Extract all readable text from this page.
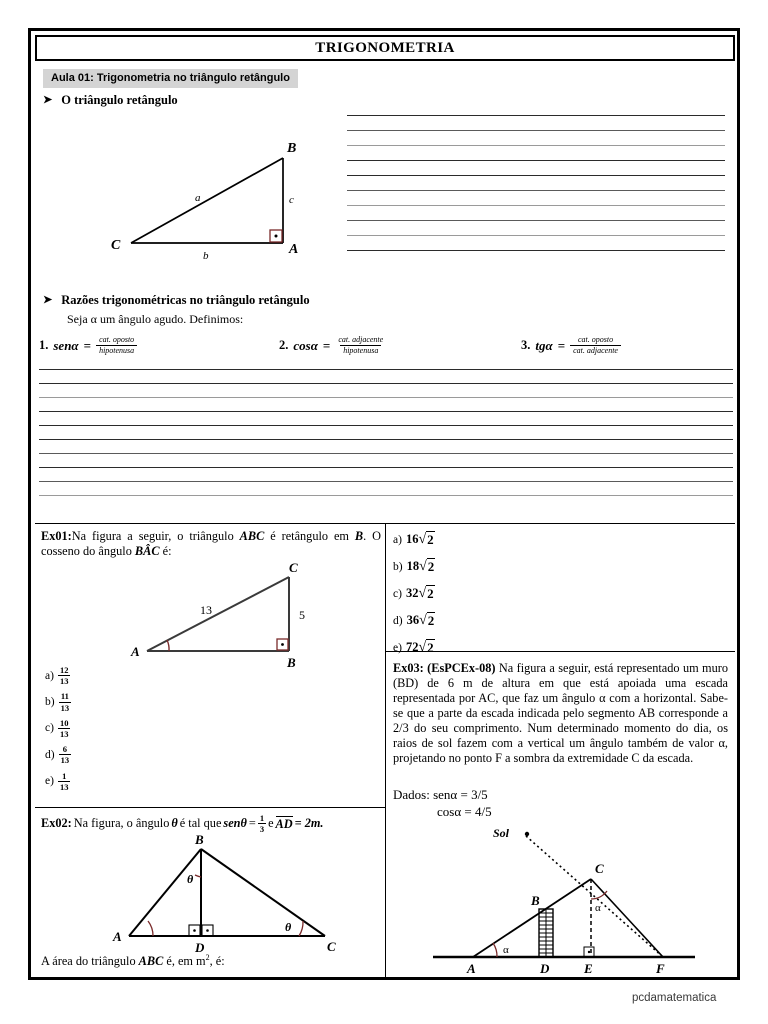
TRIGONOMETRIA
Aula 01: Trigonometria no triângulo retângulo
➤ O triângulo retângulo
B
C	A
a	c
b
➤ Razões trigonométricas no triângulo retângulo
Seja α um ângulo agudo. Definimos:
1. $sen\alpha = \frac{\text{cat. oposto}}{\text{hipotenusa}}$	2. $\cos\alpha = \frac{\text{cat. adjacente}}{\text{hipotenusa}}$	3. $tg\alpha = \frac{\text{cat. oposto}}{\text{cat. adjacente}}$
Ex01:Na figura a seguir, o triângulo ABC é retângulo em B. O cosseno do ângulo BÂC é:
C
A
B
13	5
$a) \frac{12}{13}$
$b) \frac{11}{13}$
$c) \frac{10}{13}$
$d) \frac{6}{13}$
$e) \frac{1}{13}$
a) 16 √ 2
b) 18 √ 2
c) 32 √ 2
d) 36 √ 2
e) 72 √ 2
Ex03: (EsPCEx-08) Na figura a seguir, está representado um muro (BD) de 6 m de altura em que está apoiada uma escada representada por AC, que faz um ângulo α com a horizontal. Sabe-se que a parte da escada indicada pelo segmento AB corresponde a 2/3 do seu comprimento. Num determinado momento do dia, os raios de sol fazem com a vertical um ângulo também de valor α, projetando no ponto F a sombra da extremidade C da escada.
Dados: senα = 3/5
cosα = 4/5
α
α
Sol
A	D	E	F
B
C
Ex02: Na figura, o ângulo θ é tal que $sen\theta = \frac{1}{3}$ e AD = 2m.
θ
θ
B
A
D	C
A área do triângulo ABC é, em $m^2$, é:
pcdamatematica
